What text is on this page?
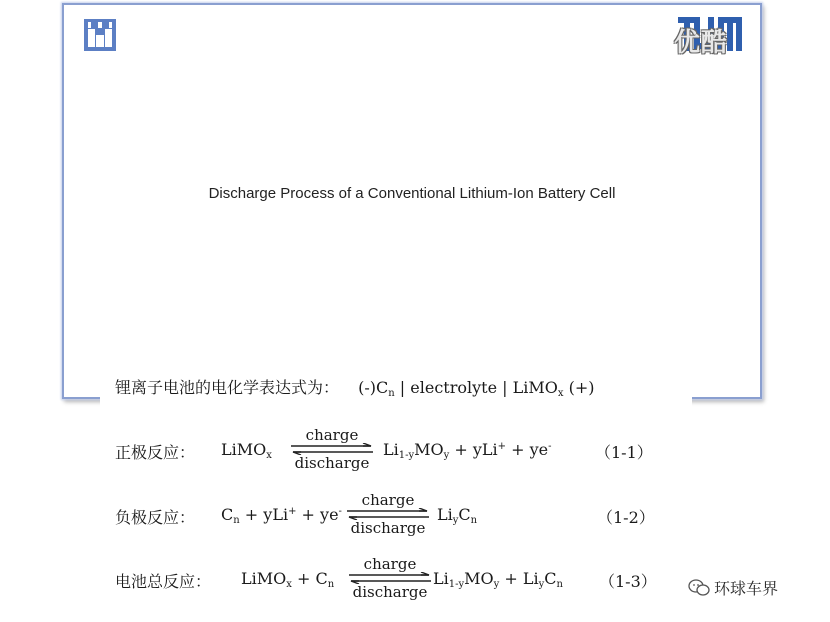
Discharge Process of a Conventional Lithium-Ion Battery Cell
优酷
锂离子电池的电化学表达式为： $(-)C_n$ | electrolyte | LiMO$_x$ (+)
正极反应： LiMO$_x$
charge
discharge
$Li_{1-y}MO_y + yLi^+ + ye^-$	（1-1）
负极反应： $C_n + yLi^+ + ye^-$
charge
discharge
$Li_yC_n$	（1-2）
电池总反应： LiMO$_x$ + $C_n$
charge
discharge
$Li_{1-y}MO_y + Li_yC_n$ （1-3）	环球车界
